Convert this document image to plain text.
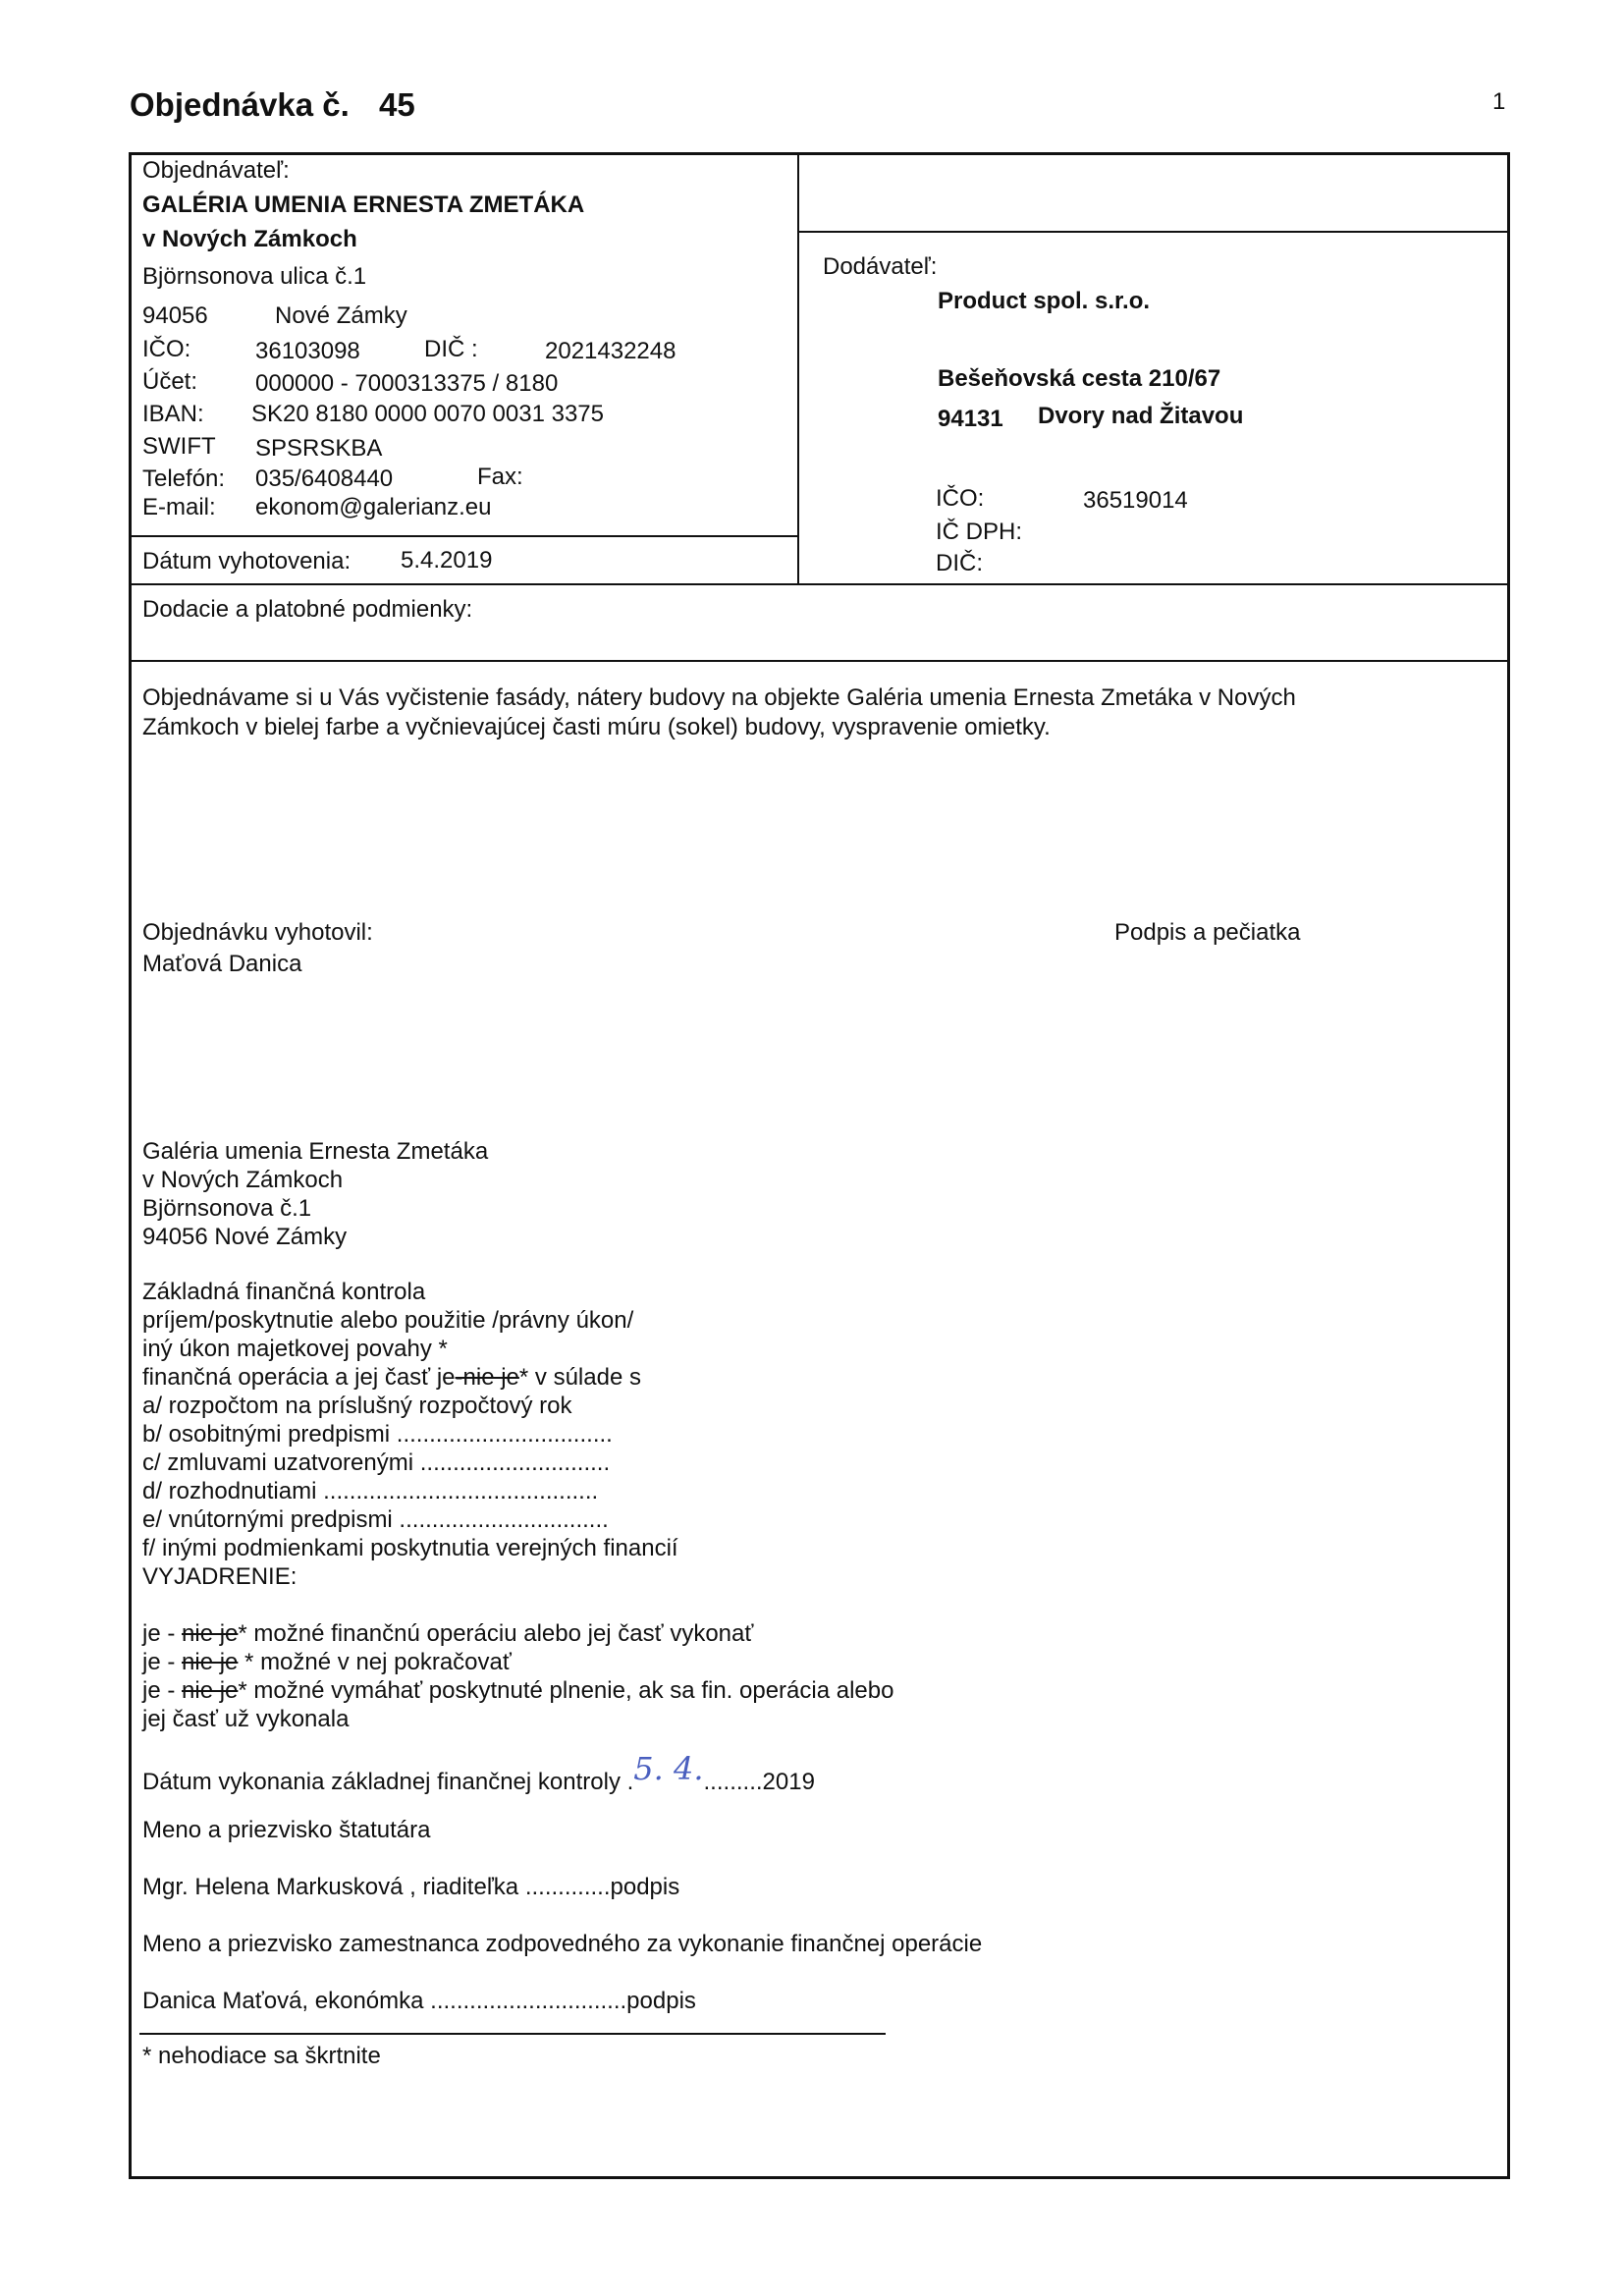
Objednávka č. 45	1
Objednávateľ:
GALÉRIA UMENIA ERNESTA ZMETÁKA
v Nových Zámkoch
Björnsonova ulica č.1
94056	Nové Zámky
IČO:	36103098	DIČ :	2021432248
Účet: 000000 - 7000313375 / 8180
IBAN: SK20 8180 0000 0070 0031 3375
SWIFT SPSRSKBA
Telefón: 035/6408440	Fax:
E-mail: ekonom@galerianz.eu
Dátum vyhotovenia: 5.4.2019
Dodávateľ:
Product spol. s.r.o.
Bešeňovská cesta 210/67
94131 Dvory nad Žitavou
IČO:	36519014
IČ DPH:
DIČ:
Dodacie a platobné podmienky:
Objednávame si u Vás vyčistenie fasády, nátery budovy na objekte Galéria umenia Ernesta Zmetáka v Nových
Zámkoch v bielej farbe a vyčnievajúcej časti múru (sokel) budovy, vyspravenie omietky.
Objednávku vyhotovil:
Maťová Danica
Podpis a pečiatka
Galéria umenia Ernesta Zmetáka
v Nových Zámkoch
Björnsonova č.1
94056 Nové Zámky
Základná finančná kontrola
príjem/poskytnutie alebo použitie /právny úkon/
iný úkon majetkovej povahy *
finančná operácia a jej časť je-nie je* v súlade s
a/ rozpočtom na príslušný rozpočtový rok
b/ osobitnými predpismi .................................
c/ zmluvami uzatvorenými .............................
d/ rozhodnutiami ..........................................
e/ vnútornými predpismi ................................
f/ inými podmienkami poskytnutia verejných financií
VYJADRENIE:
je - nie je* možné finančnú operáciu alebo jej časť vykonať
je - nie je * možné v nej pokračovať
je - nie je* možné vymáhať poskytnuté plnenie, ak sa fin. operácia alebo
jej časť už vykonala
Dátum vykonania základnej finančnej kontroly .5. 4..........2019
Meno a priezvisko štatutára
Mgr. Helena Markusková , riaditeľka .............podpis
Meno a priezvisko zamestnanca zodpovedného za vykonanie finančnej operácie
Danica Maťová, ekonómka ..............................podpis
* nehodiace sa škrtnite
